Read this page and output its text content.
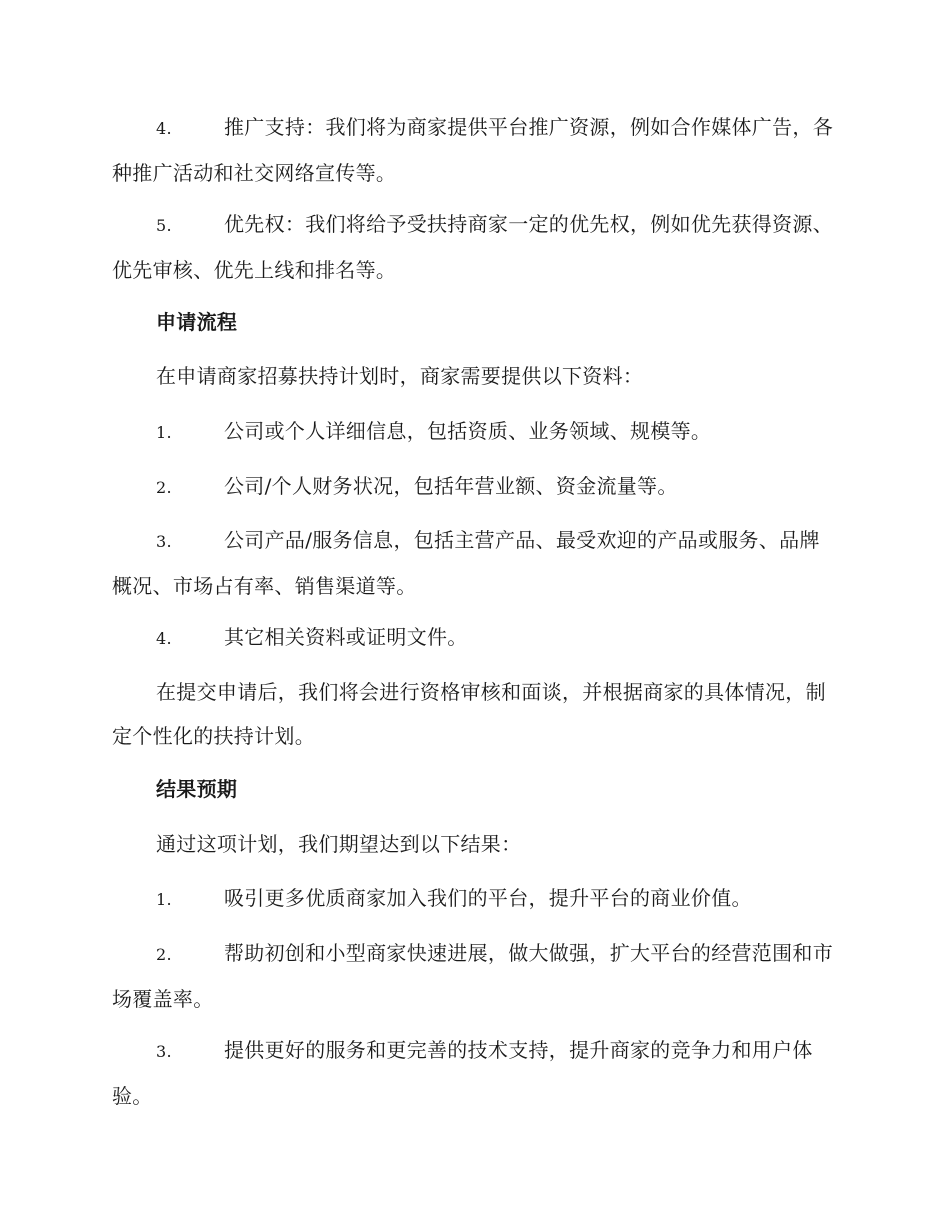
4.	推广支持：我们将为商家提供平台推广资源，例如合作媒体广告，各种推广活动和社交网络宣传等。
5.	优先权：我们将给予受扶持商家一定的优先权，例如优先获得资源、优先审核、优先上线和排名等。
申请流程
在申请商家招募扶持计划时，商家需要提供以下资料：
1.	公司或个人详细信息，包括资质、业务领域、规模等。
2.	公司/个人财务状况，包括年营业额、资金流量等。
3.	公司产品/服务信息，包括主营产品、最受欢迎的产品或服务、品牌概况、市场占有率、销售渠道等。
4.	其它相关资料或证明文件。
在提交申请后，我们将会进行资格审核和面谈，并根据商家的具体情况，制定个性化的扶持计划。
结果预期
通过这项计划，我们期望达到以下结果：
1.	吸引更多优质商家加入我们的平台，提升平台的商业价值。
2.	帮助初创和小型商家快速进展，做大做强，扩大平台的经营范围和市场覆盖率。
3.	提供更好的服务和更完善的技术支持，提升商家的竞争力和用户体验。
